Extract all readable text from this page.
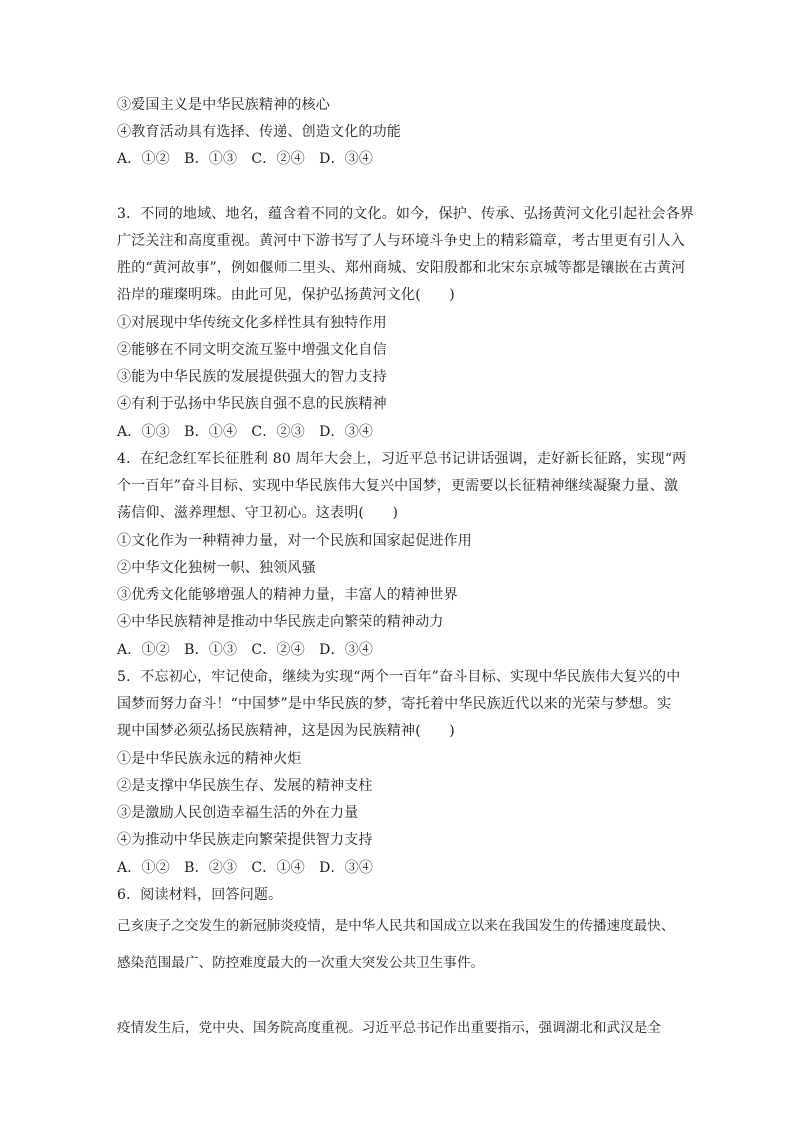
③爱国主义是中华民族精神的核心
④教育活动具有选择、传递、创造文化的功能
A．①②　B．①③　C．②④　D．③④
3．不同的地域、地名，蕴含着不同的文化。如今，保护、传承、弘扬黄河文化引起社会各界
广泛关注和高度重视。黄河中下游书写了人与环境斗争史上的精彩篇章，考古里更有引人入
胜的“黄河故事”，例如偃师二里头、郑州商城、安阳殷都和北宋东京城等都是镶嵌在古黄河
沿岸的璀璨明珠。由此可见，保护弘扬黄河文化(　　)
①对展现中华传统文化多样性具有独特作用
②能够在不同文明交流互鉴中增强文化自信
③能为中华民族的发展提供强大的智力支持
④有利于弘扬中华民族自强不息的民族精神
A．①③　B．①④　C．②③　D．③④
4．在纪念红军长征胜利 80 周年大会上，习近平总书记讲话强调，走好新长征路，实现“两
个一百年”奋斗目标、实现中华民族伟大复兴中国梦，更需要以长征精神继续凝聚力量、激
荡信仰、滋养理想、守卫初心。这表明(　　)
①文化作为一种精神力量，对一个民族和国家起促进作用
②中华文化独树一帜、独领风骚
③优秀文化能够增强人的精神力量，丰富人的精神世界
④中华民族精神是推动中华民族走向繁荣的精神动力
A．①②　B．①③　C．②④　D．③④
5．不忘初心，牢记使命，继续为实现“两个一百年”奋斗目标、实现中华民族伟大复兴的中
国梦而努力奋斗！“中国梦”是中华民族的梦，寄托着中华民族近代以来的光荣与梦想。实
现中国梦必须弘扬民族精神，这是因为民族精神(　　)
①是中华民族永远的精神火炬
②是支撑中华民族生存、发展的精神支柱
③是激励人民创造幸福生活的外在力量
④为推动中华民族走向繁荣提供智力支持
A．①②　B．②③　C．①④　D．③④
6．阅读材料，回答问题。
己亥庚子之交发生的新冠肺炎疫情，是中华人民共和国成立以来在我国发生的传播速度最快、
感染范围最广、防控难度最大的一次重大突发公共卫生事件。
疫情发生后，党中央、国务院高度重视。习近平总书记作出重要指示，强调湖北和武汉是全
